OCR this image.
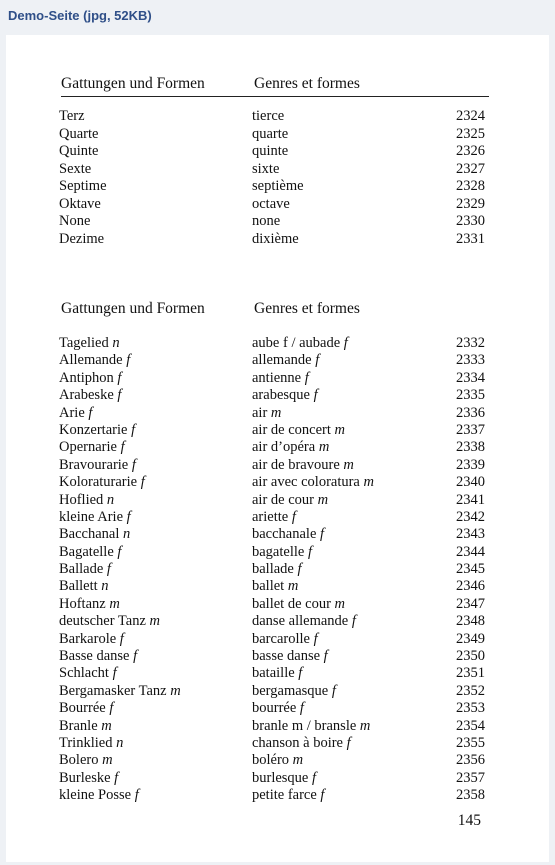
Demo-Seite (jpg, 52KB)
Gattungen und Formen	Genres et formes
Terz	tierce	2324
Quarte	quarte	2325
Quinte	quinte	2326
Sexte	sixte	2327
Septime	septième	2328
Oktave	octave	2329
None	none	2330
Dezime	dixième	2331
Gattungen und Formen	Genres et formes
Tagelied n	aube f / aubade f	2332
Allemande f	allemande f	2333
Antiphon f	antienne f	2334
Arabeske f	arabesque f	2335
Arie f	air m	2336
Konzertarie f	air de concert m	2337
Opernarie f	air d’opéra m	2338
Bravourarie f	air de bravoure m	2339
Koloraturarie f	air avec coloratura m	2340
Hoflied n	air de cour m	2341
kleine Arie f	ariette f	2342
Bacchanal n	bacchanale f	2343
Bagatelle f	bagatelle f	2344
Ballade f	ballade f	2345
Ballett n	ballet m	2346
Hoftanz m	ballet de cour m	2347
deutscher Tanz m	danse allemande f	2348
Barkarole f	barcarolle f	2349
Basse danse f	basse danse f	2350
Schlacht f	bataille f	2351
Bergamasker Tanz m	bergamasque f	2352
Bourrée f	bourrée f	2353
Branle m	branle m / bransle m	2354
Trinklied n	chanson à boire f	2355
Bolero m	boléro m	2356
Burleske f	burlesque f	2357
kleine Posse f	petite farce f	2358
145
